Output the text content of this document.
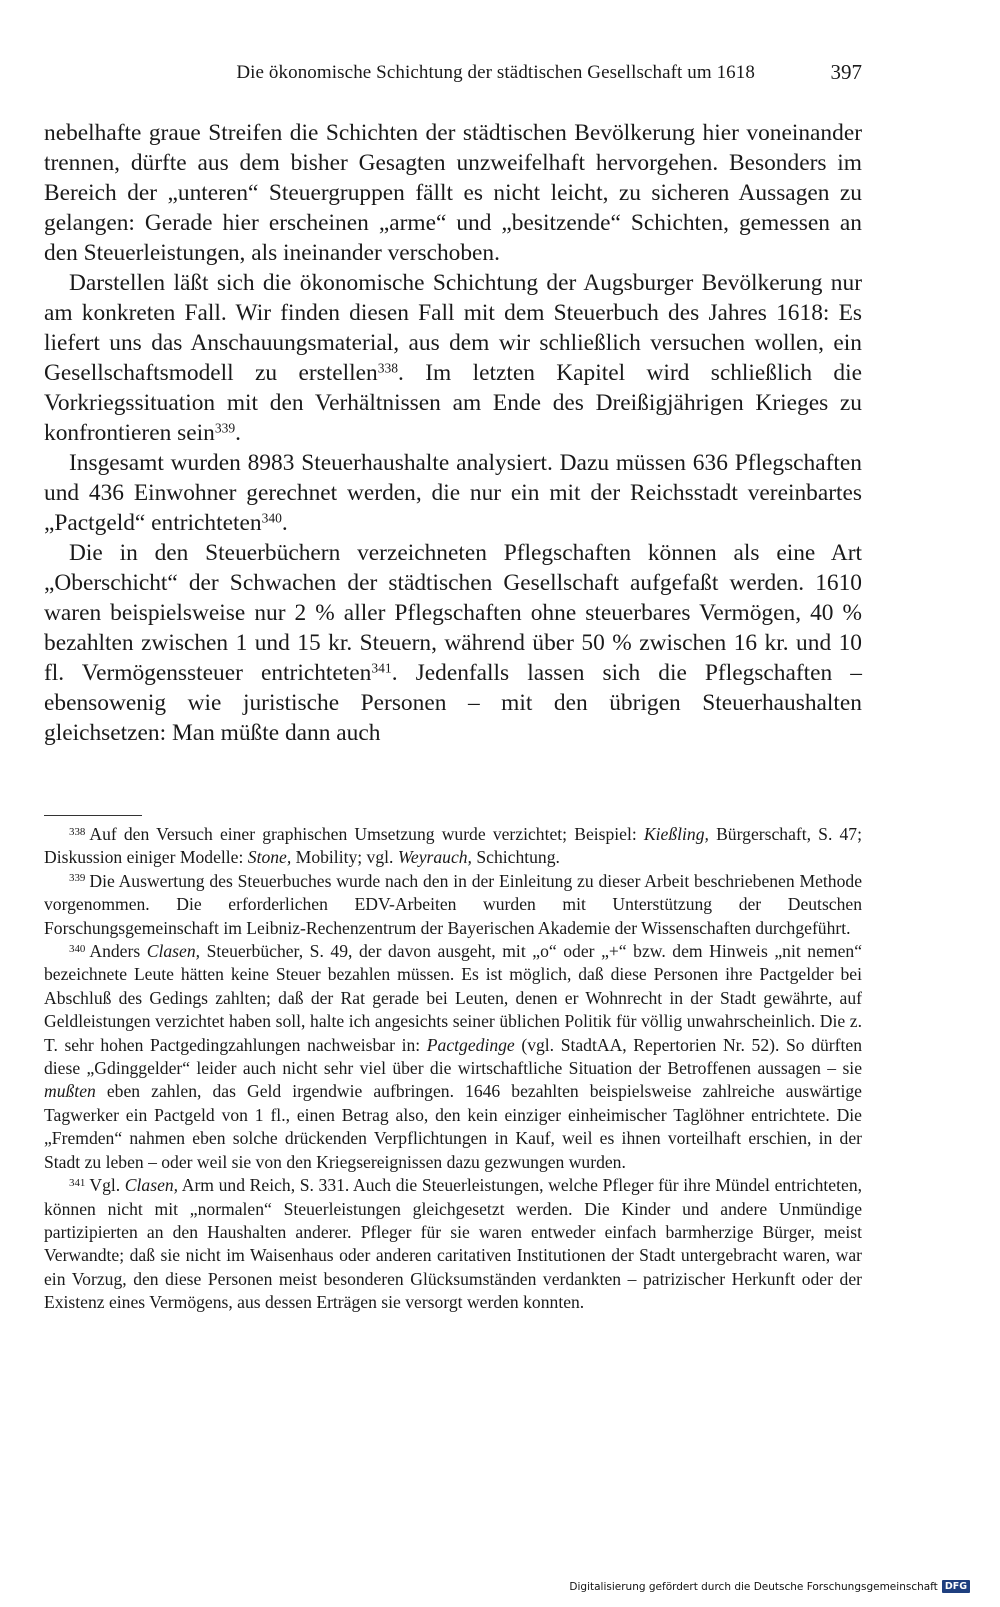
Die ökonomische Schichtung der städtischen Gesellschaft um 1618	397

nebelhafte graue Streifen die Schichten der städtischen Bevölkerung hier voneinander trennen, dürfte aus dem bisher Gesagten unzweifelhaft hervorgehen. Besonders im Bereich der „unteren“ Steuergruppen fällt es nicht leicht, zu sicheren Aussagen zu gelangen: Gerade hier erscheinen „arme“ und „besitzende“ Schichten, gemessen an den Steuerleistungen, als ineinander verschoben.

Darstellen läßt sich die ökonomische Schichtung der Augsburger Bevölkerung nur am konkreten Fall. Wir finden diesen Fall mit dem Steuerbuch des Jahres 1618: Es liefert uns das Anschauungsmaterial, aus dem wir schließlich versuchen wollen, ein Gesellschaftsmodell zu erstellen$^{338}$. Im letzten Kapitel wird schließlich die Vorkriegssituation mit den Verhältnissen am Ende des Dreißigjährigen Krieges zu konfrontieren sein$^{339}$.

Insgesamt wurden 8983 Steuerhaushalte analysiert. Dazu müssen 636 Pflegschaften und 436 Einwohner gerechnet werden, die nur ein mit der Reichsstadt vereinbartes „Pactgeld“ entrichteten$^{340}$.

Die in den Steuerbüchern verzeichneten Pflegschaften können als eine Art „Oberschicht“ der Schwachen der städtischen Gesellschaft aufgefaßt werden. 1610 waren beispielsweise nur 2 % aller Pflegschaften ohne steuerbares Vermögen, 40 % bezahlten zwischen 1 und 15 kr. Steuern, während über 50 % zwischen 16 kr. und 10 fl. Vermögenssteuer entrichteten$^{341}$. Jedenfalls lassen sich die Pflegschaften – ebensowenig wie juristische Personen – mit den übrigen Steuerhaushalten gleichsetzen: Man müßte dann auch

$^{338}$ Auf den Versuch einer graphischen Umsetzung wurde verzichtet; Beispiel: Kießling, Bürgerschaft, S. 47; Diskussion einiger Modelle: Stone, Mobility; vgl. Weyrauch, Schichtung.

$^{339}$ Die Auswertung des Steuerbuches wurde nach den in der Einleitung zu dieser Arbeit beschriebenen Methode vorgenommen. Die erforderlichen EDV-Arbeiten wurden mit Unterstützung der Deutschen Forschungsgemeinschaft im Leibniz-Rechenzentrum der Bayerischen Akademie der Wissenschaften durchgeführt.

$^{340}$ Anders Clasen, Steuerbücher, S. 49, der davon ausgeht, mit „o“ oder „+“ bzw. dem Hinweis „nit nemen“ bezeichnete Leute hätten keine Steuer bezahlen müssen. Es ist möglich, daß diese Personen ihre Pactgelder bei Abschluß des Gedings zahlten; daß der Rat gerade bei Leuten, denen er Wohnrecht in der Stadt gewährte, auf Geldleistungen verzichtet haben soll, halte ich angesichts seiner üblichen Politik für völlig unwahrscheinlich. Die z. T. sehr hohen Pactgedingzahlungen nachweisbar in: Pactgedinge (vgl. StadtAA, Repertorien Nr. 52). So dürften diese „Gdinggelder“ leider auch nicht sehr viel über die wirtschaftliche Situation der Betroffenen aussagen – sie mußten eben zahlen, das Geld irgendwie aufbringen. 1646 bezahlten beispielsweise zahlreiche auswärtige Tagwerker ein Pactgeld von 1 fl., einen Betrag also, den kein einziger einheimischer Taglöhner entrichtete. Die „Fremden“ nahmen eben solche drückenden Verpflichtungen in Kauf, weil es ihnen vorteilhaft erschien, in der Stadt zu leben – oder weil sie von den Kriegsereignissen dazu gezwungen wurden.

$^{341}$ Vgl. Clasen, Arm und Reich, S. 331. Auch die Steuerleistungen, welche Pfleger für ihre Mündel entrichteten, können nicht mit „normalen“ Steuerleistungen gleichgesetzt werden. Die Kinder und andere Unmündige partizipierten an den Haushalten anderer. Pfleger für sie waren entweder einfach barmherzige Bürger, meist Verwandte; daß sie nicht im Waisenhaus oder anderen caritativen Institutionen der Stadt untergebracht waren, war ein Vorzug, den diese Personen meist besonderen Glücksumständen verdankten – patrizischer Herkunft oder der Existenz eines Vermögens, aus dessen Erträgen sie versorgt werden konnten.

Digitalisierung gefördert durch die Deutsche Forschungsgemeinschaft DFG
